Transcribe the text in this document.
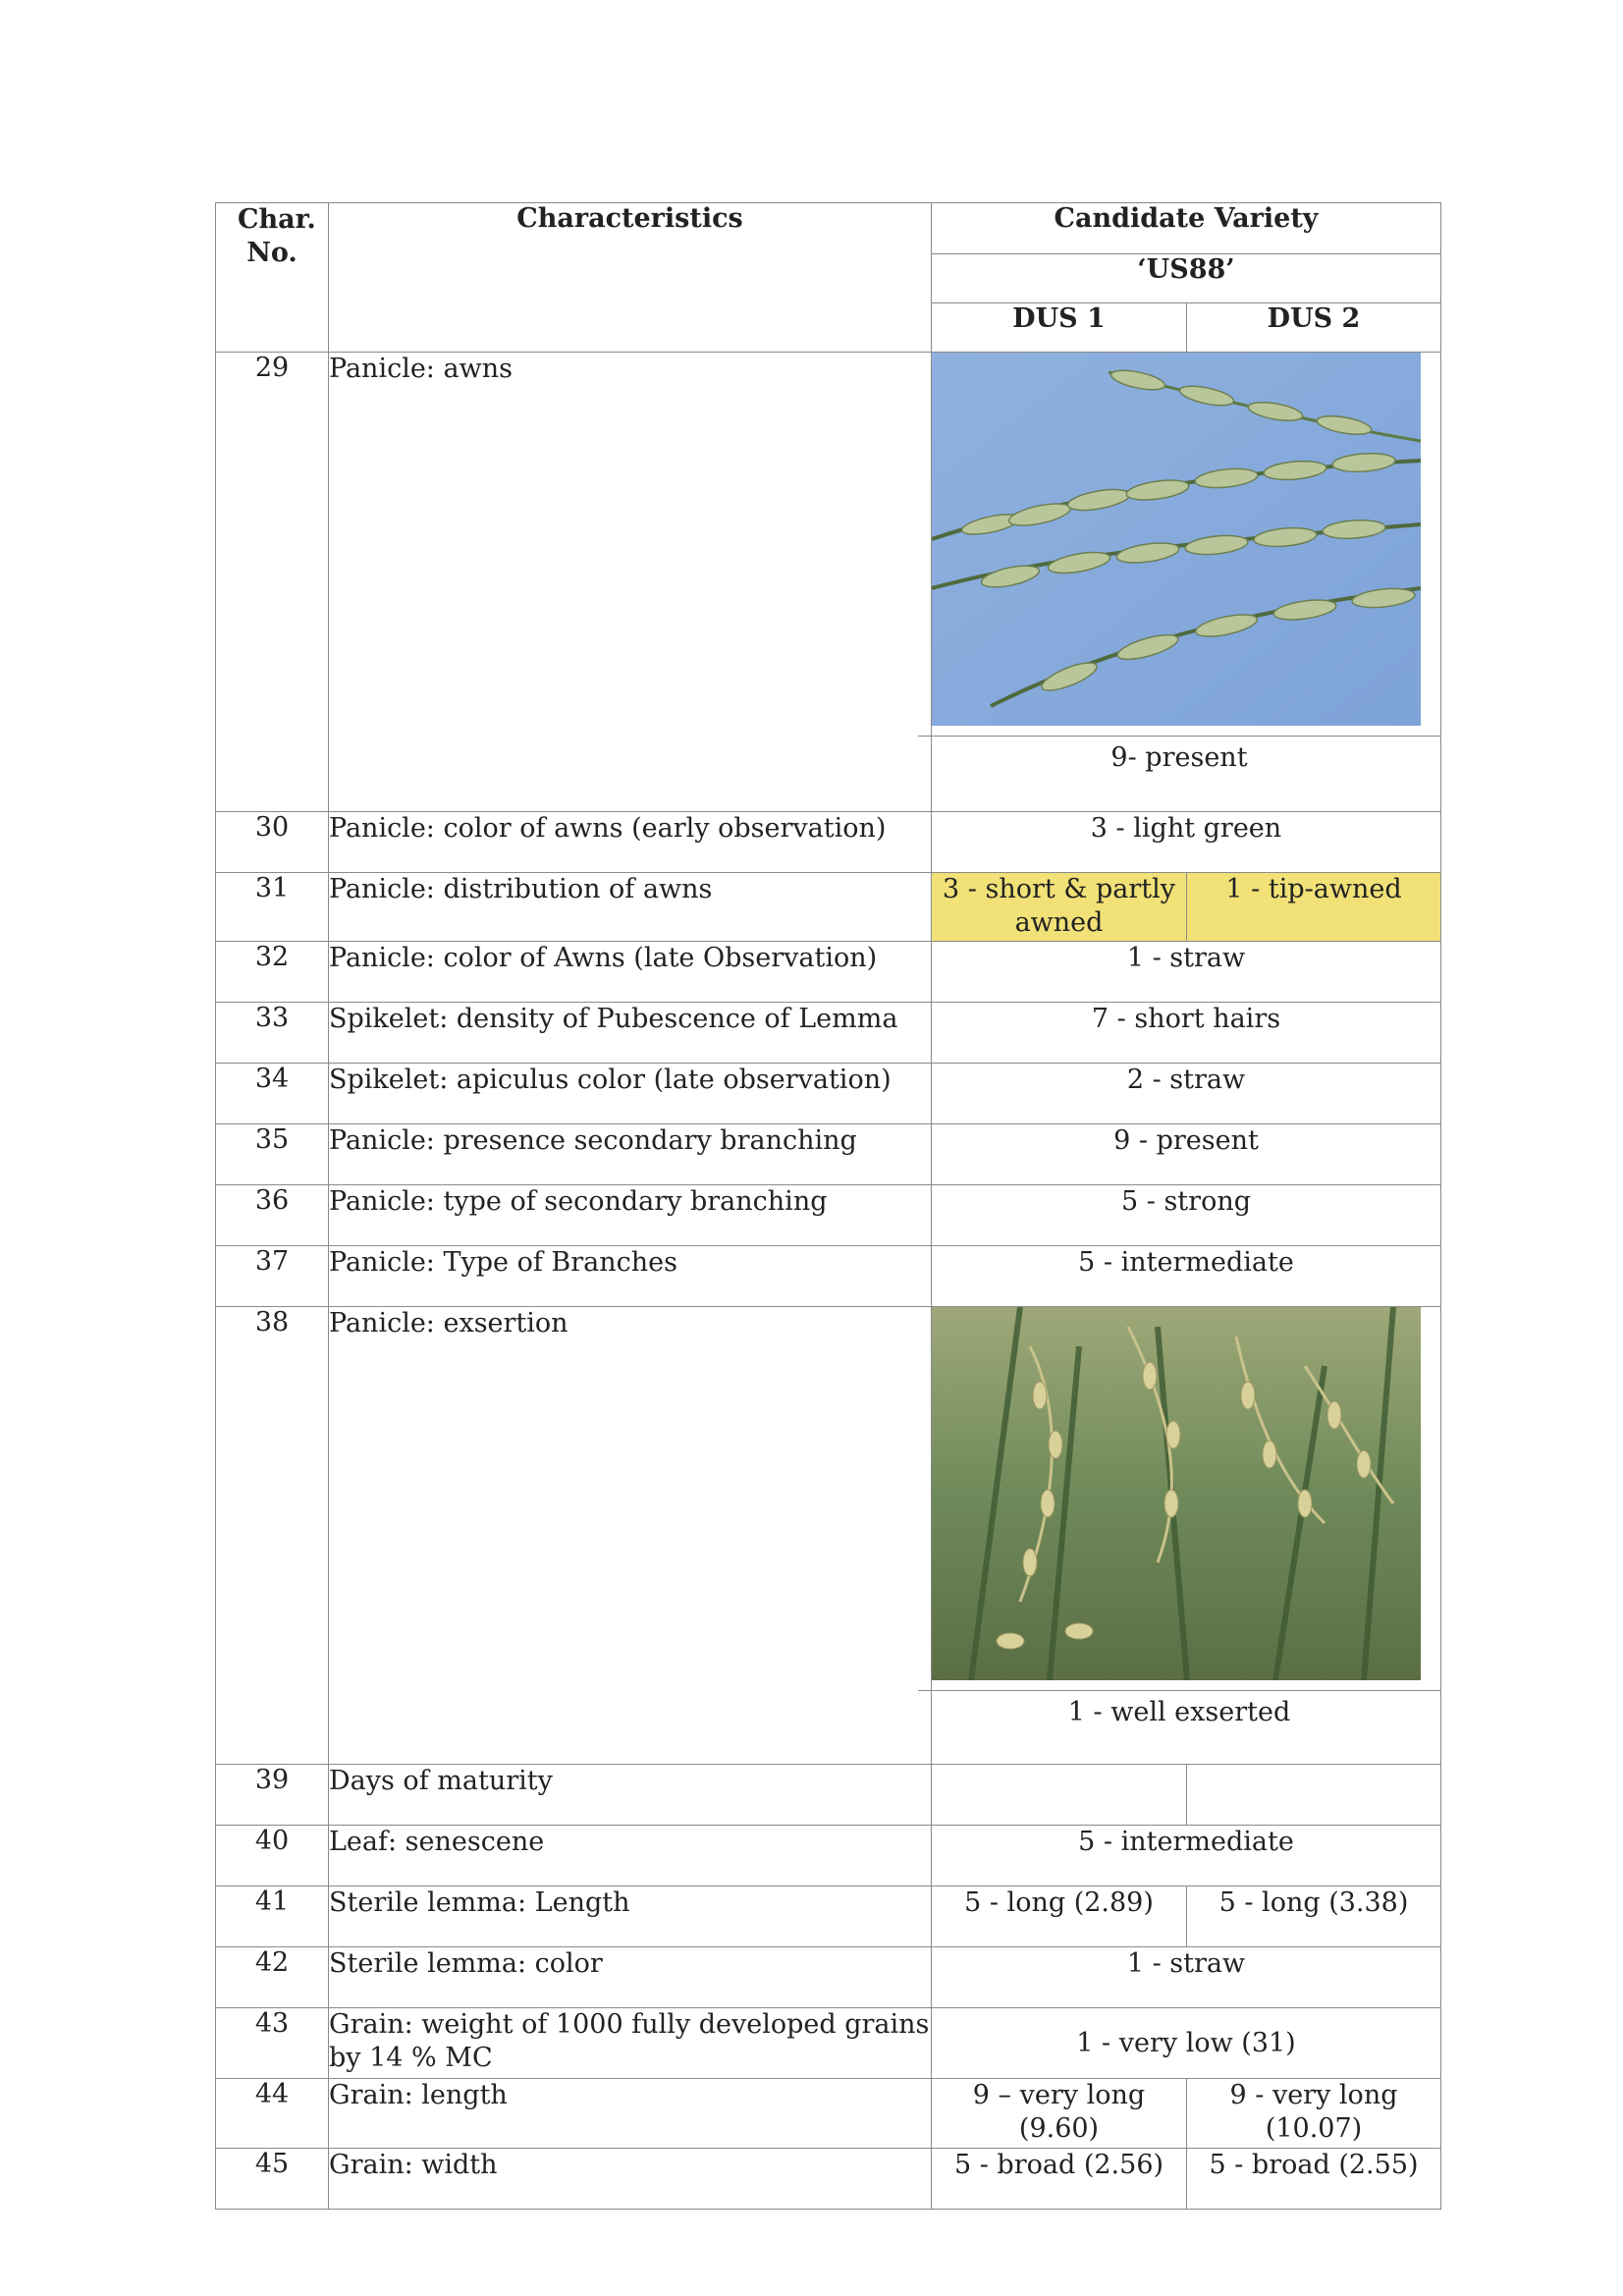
Char. No.	Characteristics	Candidate Variety	
		‘US88’	
		DUS 1	DUS 2
29	Panicle: awns	9- present	

30	Panicle: color of awns (early observation)	3 - light green	
31	Panicle: distribution of awns	3 - short & partly awned	1 - tip-awned
32	Panicle: color of Awns (late Observation)	1 - straw	
33	Spikelet: density of Pubescence of Lemma	7 - short hairs	
34	Spikelet: apiculus color (late observation)	2 - straw	
35	Panicle: presence secondary branching	9 - present	
36	Panicle: type of secondary branching	5 - strong	
37	Panicle: Type of Branches	5 - intermediate	
38	Panicle: exsertion	1 - well exserted	

39	Days of maturity		
40	Leaf: senescene	5 - intermediate	
41	Sterile lemma: Length	5 - long (2.89)	5 - long (3.38)
42	Sterile lemma: color	1 - straw	
43	Grain: weight of 1000 fully developed grains by 14 % MC	1 - very low (31)	
44	Grain: length	9 – very long (9.60)	9 - very long (10.07)
45	Grain: width	5 - broad (2.56)	5 - broad (2.55)
